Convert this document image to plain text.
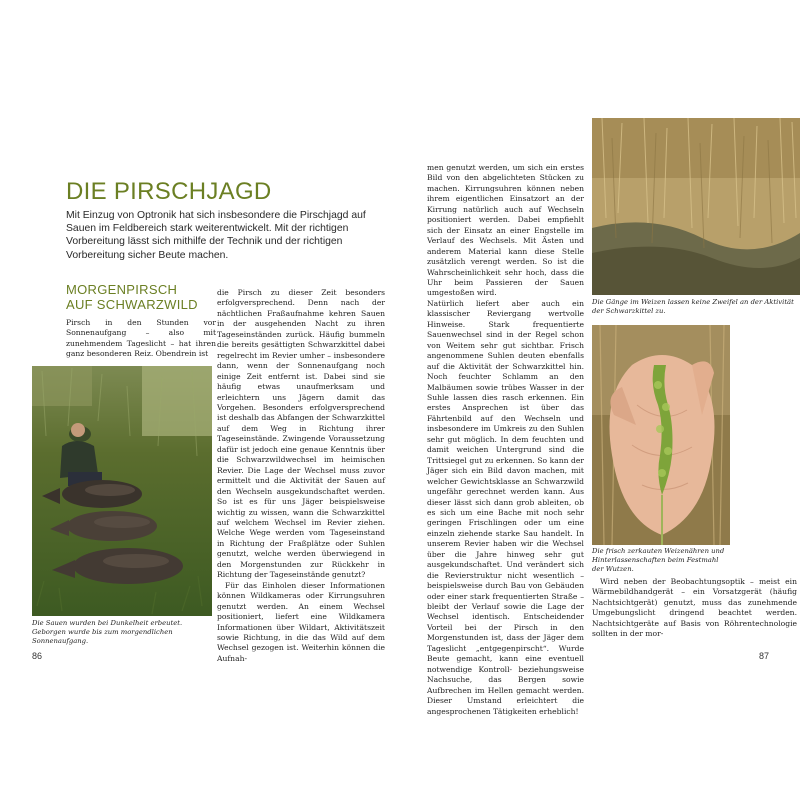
DIE PIRSCHJAGD

Mit Einzug von Optronik hat sich insbesondere die Pirschjagd auf Sauen im Feldbereich stark weiterentwickelt. Mit der richtigen Vorbereitung lässt sich mithilfe der Technik und der richtigen Vorbereitung sicher Beute machen.

MORGENPIRSCH
AUF SCHWARZWILD

Pirsch in den Stunden vor Sonnenaufgang – also mit zunehmendem Tageslicht – hat ihren ganz besonderen Reiz. Obendrein ist

Die Sauen wurden bei Dunkelheit erbeutet. Geborgen wurde bis zum morgendlichen Sonnenaufgang.

die Pirsch zu dieser Zeit besonders erfolgversprechend. Denn nach der nächtlichen Fraßaufnahme kehren Sauen in der ausgehenden Nacht zu ihren Tageseinständen zurück. Häufig bummeln die bereits gesättigten Schwarzkittel dabei regelrecht im Revier umher – insbesondere dann, wenn der Sonnenaufgang noch einige Zeit entfernt ist. Dabei sind sie häufig etwas unaufmerksam und erleichtern uns Jägern damit das Vorgehen. Besonders erfolgversprechend ist deshalb das Abfangen der Schwarzkittel auf dem Weg in Richtung ihrer Tageseinstände. Zwingende Voraussetzung dafür ist jedoch eine genaue Kenntnis über die Schwarzwildwechsel im heimischen Revier. Die Lage der Wechsel muss zuvor ermittelt und die Aktivität der Sauen auf den Wechseln ausgekundschaftet werden. So ist es für uns Jäger beispielsweise wichtig zu wissen, wann die Schwarzkittel auf welchem Wechsel im Revier ziehen. Welche Wege werden vom Tageseinstand in Richtung der Fraßplätze oder Suhlen genutzt, welche werden überwiegend in den Morgenstunden zur Rückkehr in Richtung der Tageseinstände genutzt?

Für das Einholen dieser Informationen können Wildkameras oder Kirrungsuhren genutzt werden. An einem Wechsel positioniert, liefert eine Wildkamera Informationen über Wildart, Aktivitätszeit sowie Richtung, in die das Wild auf dem Wechsel gezogen ist. Weiterhin können die Aufnah-

86

men genutzt werden, um sich ein erstes Bild von den abgelichteten Stücken zu machen. Kirrungsuhren können neben ihrem eigentlichen Einsatzort an der Kirrung natürlich auch auf Wechseln positioniert werden. Dabei empfiehlt sich der Einsatz an einer Engstelle im Verlauf des Wechsels. Mit Ästen und anderem Material kann diese Stelle zusätzlich verengt werden. So ist die Wahrscheinlichkeit sehr hoch, dass die Uhr beim Passieren der Sauen umgestoßen wird.

Natürlich liefert aber auch ein klassischer Reviergang wertvolle Hinweise. Stark frequentierte Sauenwechsel sind in der Regel schon von Weitem sehr gut sichtbar. Frisch angenommene Suhlen deuten ebenfalls auf die Aktivität der Schwarzkittel hin. Noch feuchter Schlamm an den Malbäumen sowie trübes Wasser in der Suhle lassen dies rasch erkennen. Ein erstes Ansprechen ist über das Fährtenbild auf den Wechseln und insbesondere im Umkreis zu den Suhlen sehr gut möglich. In dem feuchten und damit weichen Untergrund sind die Trittsiegel gut zu erkennen. So kann der Jäger sich ein Bild davon machen, mit welcher Gewichtsklasse an Schwarzwild ungefähr gerechnet werden kann. Aus dieser lässt sich dann grob ableiten, ob es sich um eine Bache mit noch sehr geringen Frischlingen oder um eine einzeln ziehende starke Sau handelt. In unserem Revier haben wir die Wechsel über die Jahre hinweg sehr gut ausgekundschaftet. Und verändert sich die Revierstruktur nicht wesentlich – beispielsweise durch Bau von Gebäuden oder einer stark frequentierten Straße – bleibt der Verlauf sowie die Lage der Wechsel identisch. Entscheidender Vorteil bei der Pirsch in den Morgenstunden ist, dass der Jäger dem Tageslicht „entgegenpirscht“. Wurde Beute gemacht, kann eine eventuell notwendige Kontroll- beziehungsweise Nachsuche, das Bergen sowie Aufbrechen im Hellen gemacht werden. Dieser Umstand erleichtert die angesprochenen Tätigkeiten erheblich!

Die Gänge im Weizen lassen keine Zweifel an der Aktivität der Schwarzkittel zu.

Die frisch zerkauten Weizenähren und Hinterlassenschaften beim Festmahl der Wutzen.

Wird neben der Beobachtungsoptik – meist ein Wärmebildhandgerät – ein Vorsatzgerät (häufig Nachtsichtgerät) genutzt, muss das zunehmende Umgebungslicht dringend beachtet werden. Nachtsichtgeräte auf Basis von Röhrentechnologie sollten in der mor-

87
